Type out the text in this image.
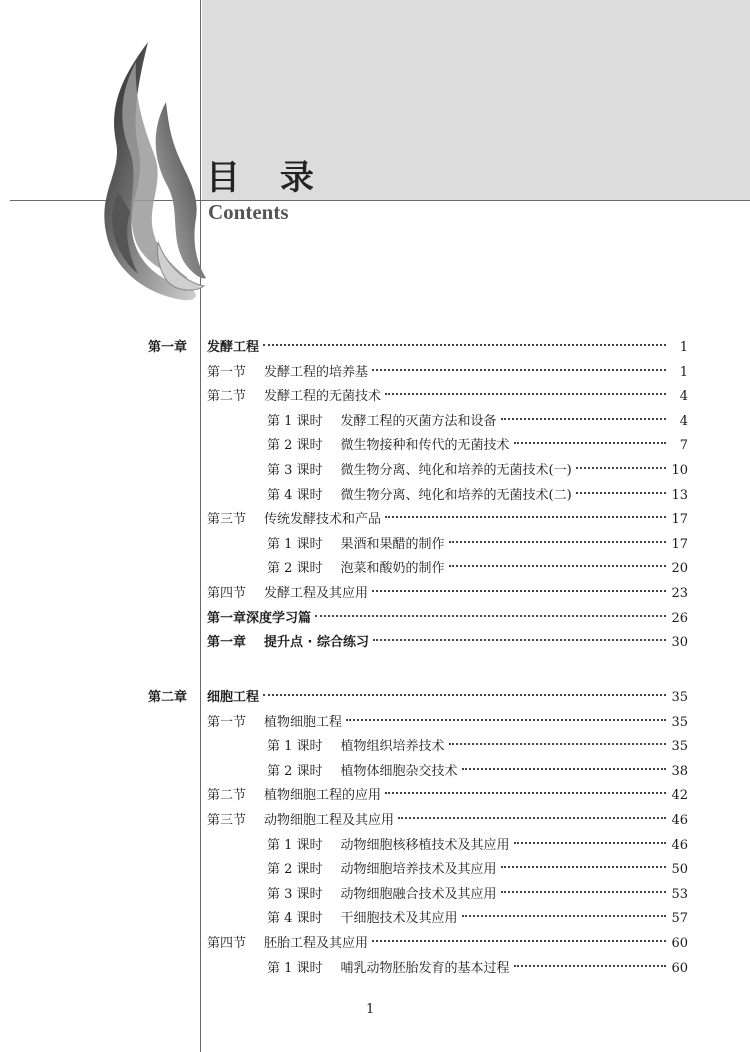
目 录
Contents
第一章 发酵工程	1
第一节 发酵工程的培养基	1
第二节 发酵工程的无菌技术	4
第 1 课时 发酵工程的灭菌方法和设备	4
第 2 课时 微生物接种和传代的无菌技术	7
第 3 课时 微生物分离、纯化和培养的无菌技术(一)	10
第 4 课时 微生物分离、纯化和培养的无菌技术(二)	13
第三节 传统发酵技术和产品	17
第 1 课时 果酒和果醋的制作	17
第 2 课时 泡菜和酸奶的制作	20
第四节 发酵工程及其应用	23
第一章深度学习篇	26
第一章 提升点 · 综合练习	30
第二章 细胞工程	35
第一节 植物细胞工程	35
第 1 课时 植物组织培养技术	35
第 2 课时 植物体细胞杂交技术	38
第二节 植物细胞工程的应用	42
第三节 动物细胞工程及其应用	46
第 1 课时 动物细胞核移植技术及其应用	46
第 2 课时 动物细胞培养技术及其应用	50
第 3 课时 动物细胞融合技术及其应用	53
第 4 课时 干细胞技术及其应用	57
第四节 胚胎工程及其应用	60
第 1 课时 哺乳动物胚胎发育的基本过程	60
1
